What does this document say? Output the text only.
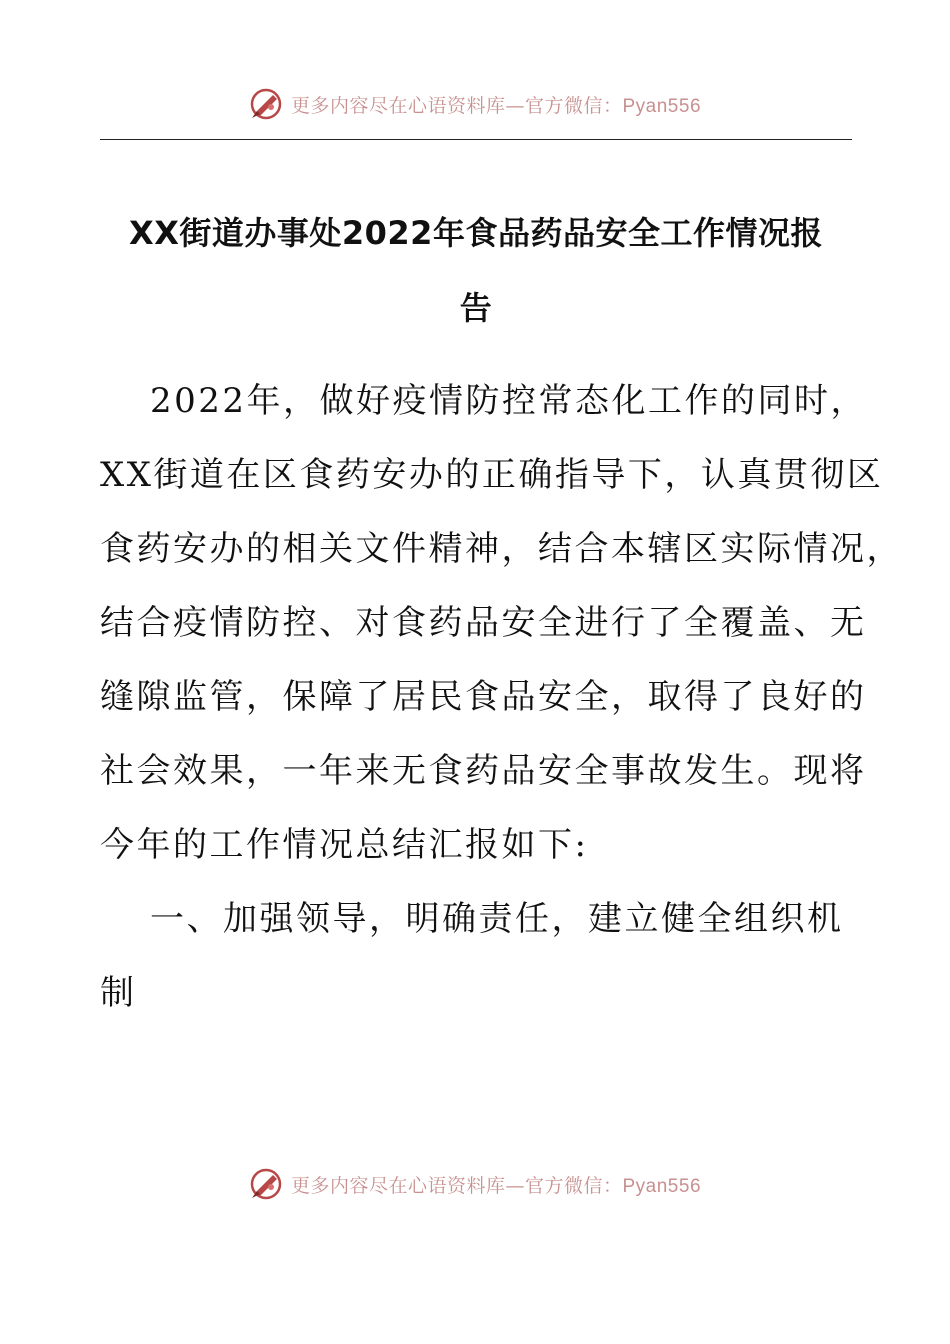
更多内容尽在心语资料库—官方微信：Pyan556
XX街道办事处2022年食品药品安全工作情况报
告
2022年，做好疫情防控常态化工作的同时，
XX街道在区食药安办的正确指导下，认真贯彻区
食药安办的相关文件精神，结合本辖区实际情况，
结合疫情防控、对食药品安全进行了全覆盖、无
缝隙监管，保障了居民食品安全，取得了良好的
社会效果，一年来无食药品安全事故发生。现将
今年的工作情况总结汇报如下:
一、加强领导，明确责任，建立健全组织机
制
更多内容尽在心语资料库—官方微信：Pyan556
